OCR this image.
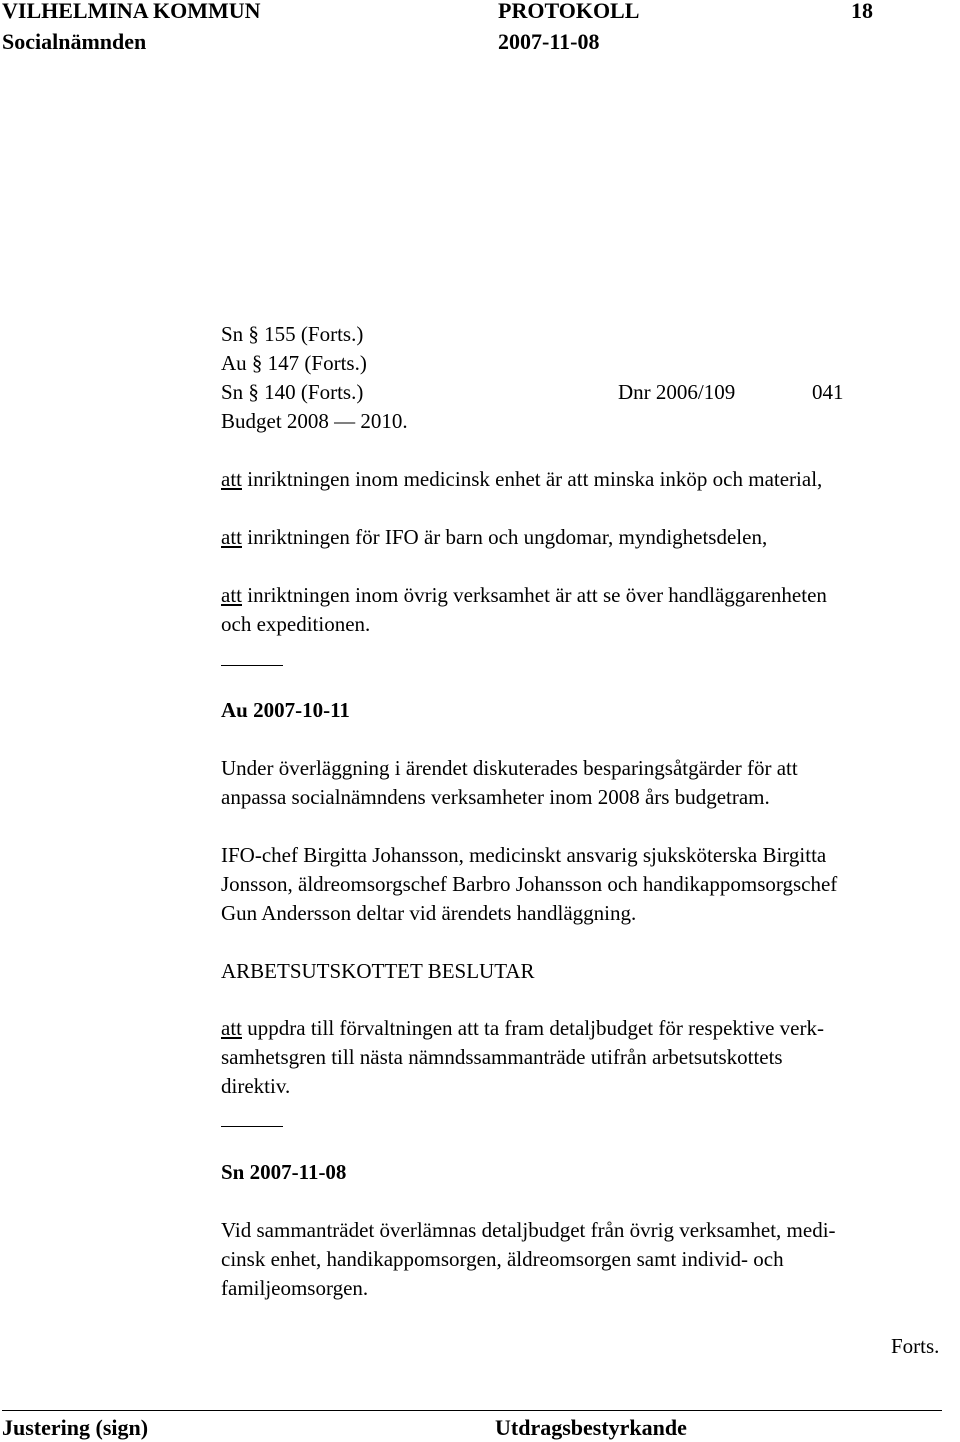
VILHELMINA KOMMUN	PROTOKOLL	18
Socialnämnden	2007-11-08
Sn § 155 (Forts.)
Au § 147 (Forts.)
Sn § 140 (Forts.)	Dnr 2006/109	041
Budget 2008 — 2010.
att inriktningen inom medicinsk enhet är att minska inköp och material,
att inriktningen för IFO är barn och ungdomar, myndighetsdelen,
att inriktningen inom övrig verksamhet är att se över handläggarenheten
och expeditionen.
Au 2007-10-11
Under överläggning i ärendet diskuterades besparingsåtgärder för att
anpassa socialnämndens verksamheter inom 2008 års budgetram.
IFO-chef Birgitta Johansson, medicinskt ansvarig sjuksköterska Birgitta
Jonsson, äldreomsorgschef Barbro Johansson och handikappomsorgschef
Gun Andersson deltar vid ärendets handläggning.
ARBETSUTSKOTTET BESLUTAR
att uppdra till förvaltningen att ta fram detaljbudget för respektive verk-
samhetsgren till nästa nämndssammanträde utifrån arbetsutskottets
direktiv.
Sn 2007-11-08
Vid sammanträdet överlämnas detaljbudget från övrig verksamhet, medi-
cinsk enhet, handikappomsorgen, äldreomsorgen samt individ- och
familjeomsorgen.
Forts.
Justering (sign)	Utdragsbestyrkande
